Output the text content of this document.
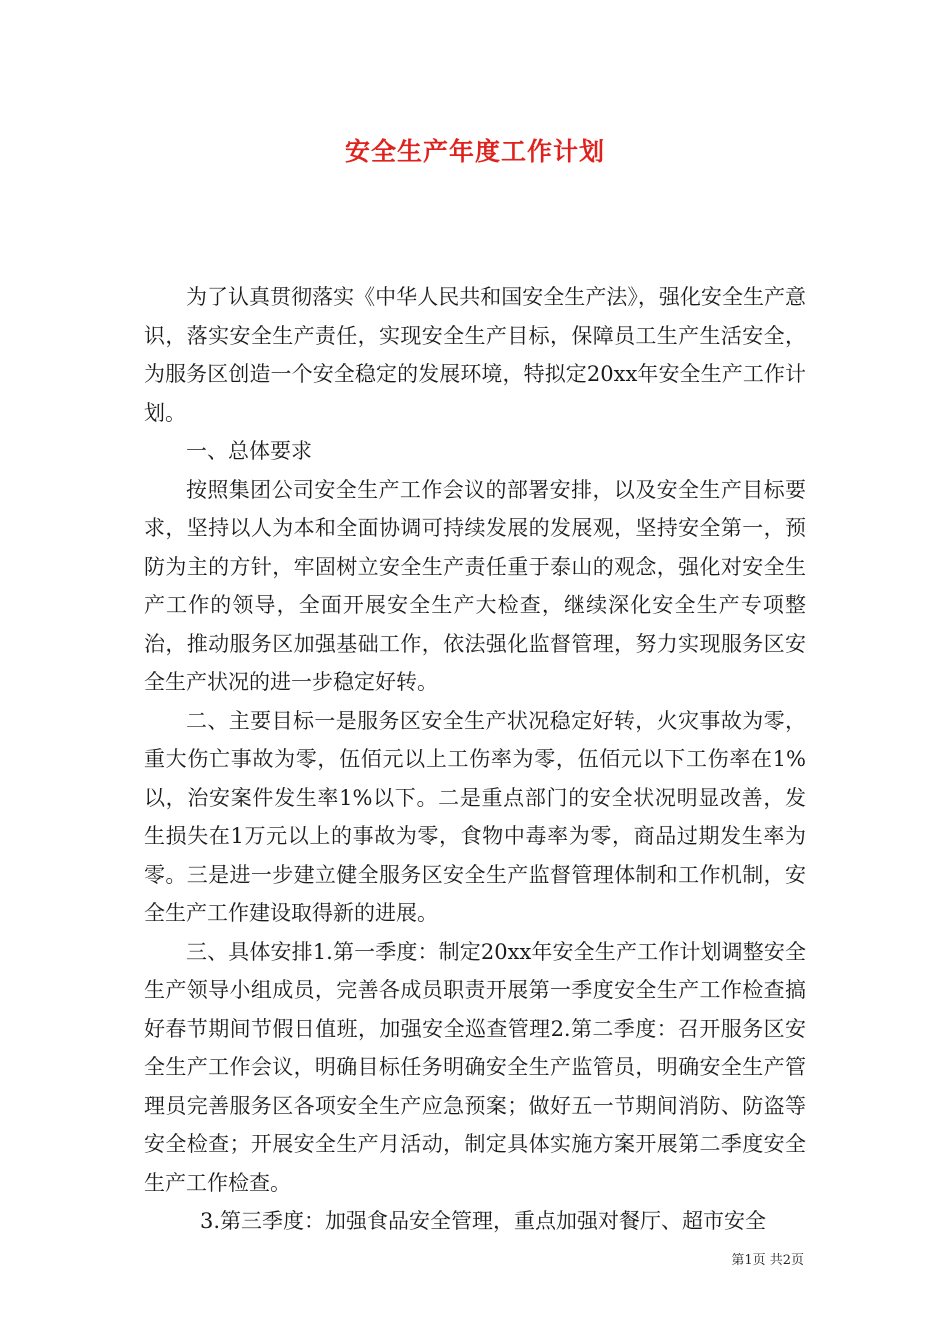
安全生产年度工作计划

为了认真贯彻落实《中华人民共和国安全生产法》，强化安全生产意识，落实安全生产责任，实现安全生产目标，保障员工生产生活安全，为服务区创造一个安全稳定的发展环境，特拟定20xx年安全生产工作计划。

一、总体要求

按照集团公司安全生产工作会议的部署安排，以及安全生产目标要求，坚持以人为本和全面协调可持续发展的发展观，坚持安全第一，预防为主的方针，牢固树立安全生产责任重于泰山的观念，强化对安全生产工作的领导，全面开展安全生产大检查，继续深化安全生产专项整治，推动服务区加强基础工作，依法强化监督管理，努力实现服务区安全生产状况的进一步稳定好转。

二、主要目标一是服务区安全生产状况稳定好转，火灾事故为零，重大伤亡事故为零，伍佰元以上工伤率为零，伍佰元以下工伤率在1%以，治安案件发生率1%以下。二是重点部门的安全状况明显改善，发生损失在1万元以上的事故为零，食物中毒率为零，商品过期发生率为零。三是进一步建立健全服务区安全生产监督管理体制和工作机制，安全生产工作建设取得新的进展。

三、具体安排1.第一季度：制定20xx年安全生产工作计划调整安全生产领导小组成员，完善各成员职责开展第一季度安全生产工作检查搞好春节期间节假日值班，加强安全巡查管理2.第二季度：召开服务区安全生产工作会议，明确目标任务明确安全生产监管员，明确安全生产管理员完善服务区各项安全生产应急预案；做好五一节期间消防、防盗等安全检查；开展安全生产月活动，制定具体实施方案开展第二季度安全生产工作检查。

3.第三季度：加强食品安全管理，重点加强对餐厅、超市安全

第1页 共2页
